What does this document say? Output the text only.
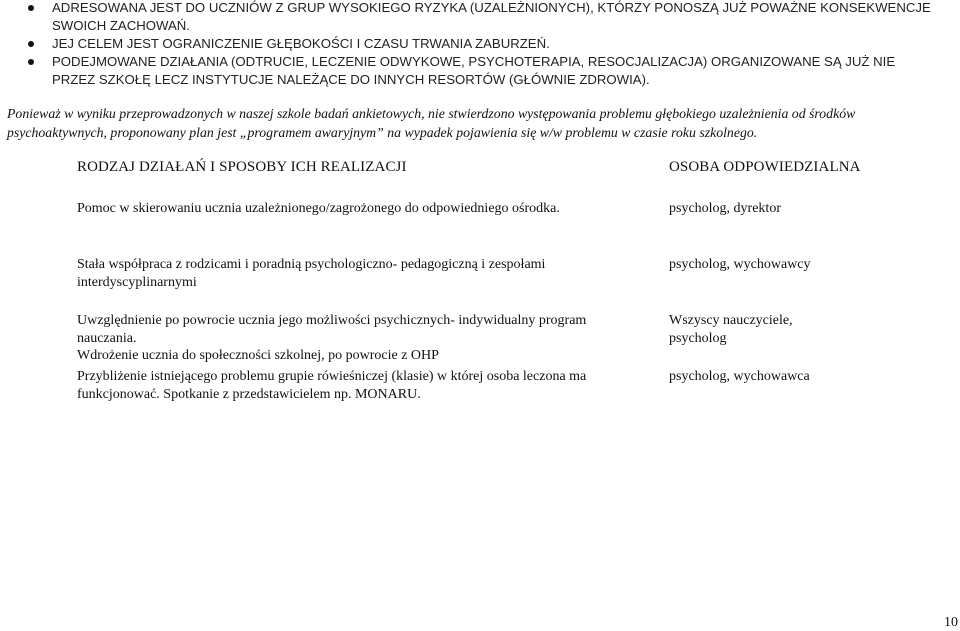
ADRESOWANA JEST DO UCZNIÓW Z GRUP WYSOKIEGO RYZYKA (UZALEŻNIONYCH), KTÓRZY PONOSZĄ JUŻ POWAŻNE KONSEKWENCJE SWOICH ZACHOWAŃ.
JEJ CELEM JEST OGRANICZENIE GŁĘBOKOŚCI I CZASU TRWANIA ZABURZEŃ.
PODEJMOWANE DZIAŁANIA (ODTRUCIE, LECZENIE ODWYKOWE, PSYCHOTERAPIA, RESOCJALIZACJA) ORGANIZOWANE SĄ JUŻ NIE PRZEZ SZKOŁĘ LECZ INSTYTUCJE NALEŻĄCE DO INNYCH RESORTÓW (GŁÓWNIE ZDROWIA).

Ponieważ w wyniku przeprowadzonych w naszej szkole badań ankietowych, nie stwierdzono występowania problemu głębokiego uzależnienia od środków psychoaktywnych, proponowany plan jest „programem awaryjnym” na wypadek pojawienia się w/w problemu w czasie roku szkolnego.

RODZAJ DZIAŁAŃ I SPOSOBY ICH REALIZACJI	OSOBA ODPOWIEDZIALNA

Pomoc w skierowaniu ucznia uzależnionego/zagrożonego do odpowiedniego ośrodka.	psycholog, dyrektor

Stała współpraca z rodzicami i poradnią psychologiczno- pedagogiczną i zespołami interdyscyplinarnymi

psycholog, wychowawcy

Uwzględnienie po powrocie ucznia jego możliwości psychicznych- indywidualny program nauczania.

Wdrożenie ucznia do społeczności szkolnej, po powrocie z OHP

Wszyscy nauczyciele, psycholog

Przybliżenie istniejącego problemu grupie rówieśniczej (klasie) w której osoba leczona ma funkcjonować. Spotkanie z przedstawicielem np. MONARU.

psycholog, wychowawca

10
